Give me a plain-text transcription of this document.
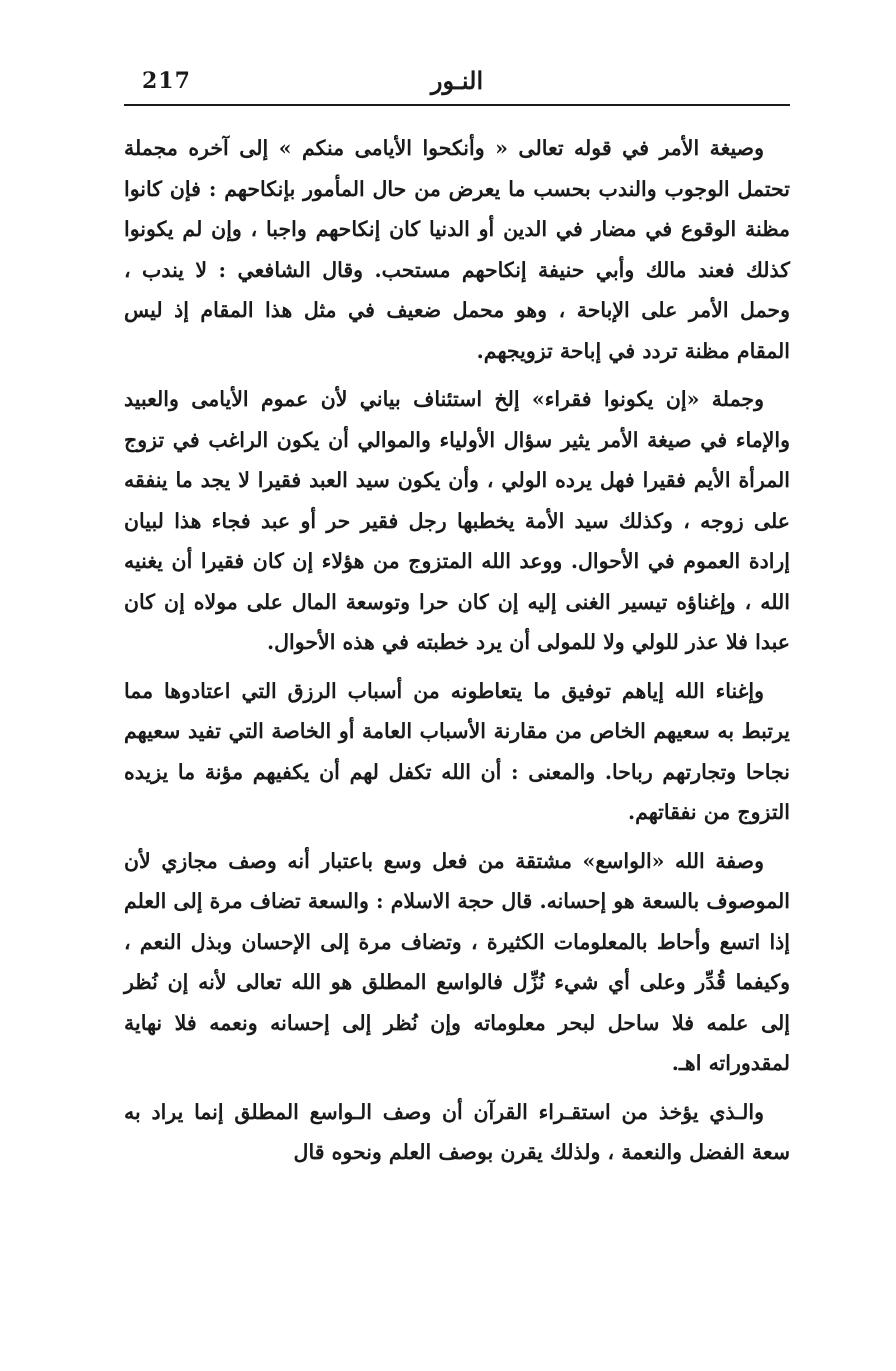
217	النـور

وصيغة الأمر في قوله تعالى « وأنكحوا الأيامى منكم » إلى آخره مجملة تحتمل الوجوب والندب بحسب ما يعرض من حال المأمور بإنكاحهم : فإن كانوا مظنة الوقوع في مضار في الدين أو الدنيا كان إنكاحهم واجبا ، وإن لم يكونوا كذلك فعند مالك وأبي حنيفة إنكاحهم مستحب. وقال الشافعي : لا يندب ، وحمل الأمر على الإباحة ، وهو محمل ضعيف في مثل هذا المقام إذ ليس المقام مظنة تردد في إباحة تزويجهم.

وجملة «إن يكونوا فقراء» إلخ استئناف بياني لأن عموم الأيامى والعبيد والإماء في صيغة الأمر يثير سؤال الأولياء والموالي أن يكون الراغب في تزوج المرأة الأيم فقيرا فهل يرده الولي ، وأن يكون سيد العبد فقيرا لا يجد ما ينفقه على زوجه ، وكذلك سيد الأمة يخطبها رجل فقير حر أو عبد فجاء هذا لبيان إرادة العموم في الأحوال. ووعد الله المتزوج من هؤلاء إن كان فقيرا أن يغنيه الله ، وإغناؤه تيسير الغنى إليه إن كان حرا وتوسعة المال على مولاه إن كان عبدا فلا عذر للولي ولا للمولى أن يرد خطبته في هذه الأحوال.

وإغناء الله إياهم توفيق ما يتعاطونه من أسباب الرزق التي اعتادوها مما يرتبط به سعيهم الخاص من مقارنة الأسباب العامة أو الخاصة التي تفيد سعيهم نجاحا وتجارتهم رباحا. والمعنى : أن الله تكفل لهم أن يكفيهم مؤنة ما يزيده التزوج من نفقاتهم.

وصفة الله «الواسع» مشتقة من فعل وسع باعتبار أنه وصف مجازي لأن الموصوف بالسعة هو إحسانه. قال حجة الاسلام : والسعة تضاف مرة إلى العلم إذا اتسع وأحاط بالمعلومات الكثيرة ، وتضاف مرة إلى الإحسان وبذل النعم ، وكيفما قُدِّر وعلى أي شيء نُزِّل فالواسع المطلق هو الله تعالى لأنه إن نُظر إلى علمه فلا ساحل لبحر معلوماته وإن نُظر إلى إحسانه ونعمه فلا نهاية لمقدوراته اهـ.

والـذي يؤخذ من استقـراء القرآن أن وصف الـواسع المطلق إنما يراد به سعة الفضل والنعمة ، ولذلك يقرن بوصف العلم ونحوه قال
